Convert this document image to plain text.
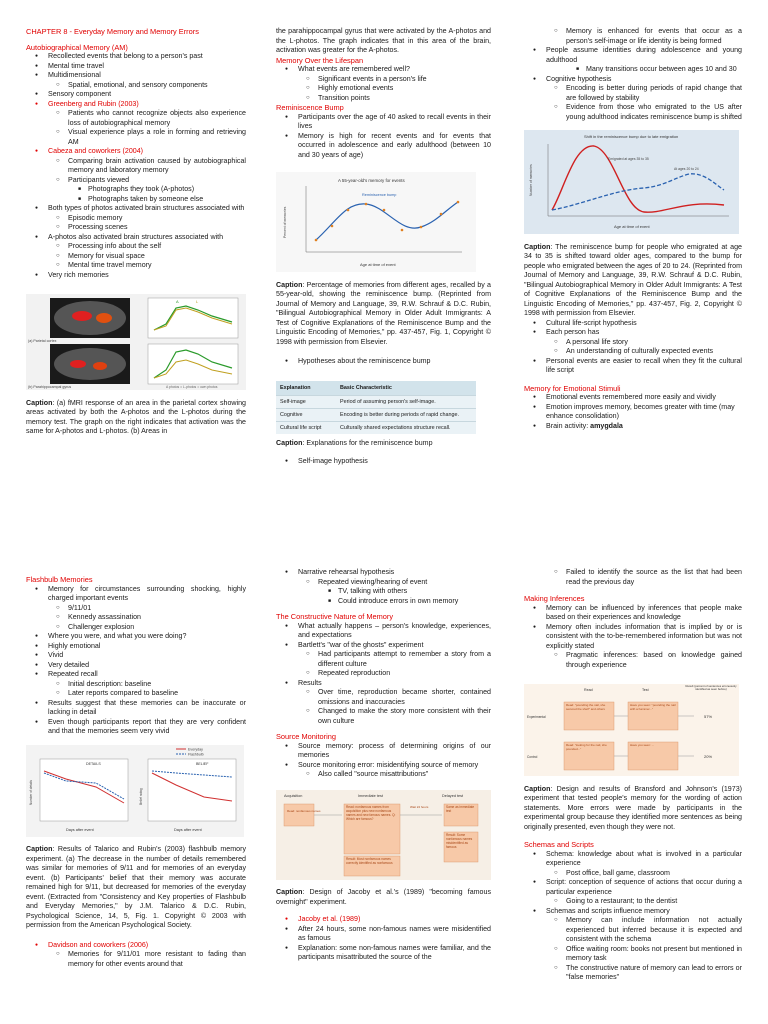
CHAPTER 8 - Everyday Memory and Memory Errors
Autobiographical Memory (AM)
● Recollected events that belong to a person's past
● Mental time travel
● Multidimensional
○ Spatial, emotional, and sensory components
● Sensory component
● Greenberg and Rubin (2003)
○ Patients who cannot recognize objects also experience loss of autobiographical memory
○ Visual experience plays a role in forming and retrieving AM
● Cabeza and coworkers (2004)
○ Comparing brain activation caused by autobiographical memory and laboratory memory
○ Participants viewed
■ Photographs they took (A-photos)
■ Photographs taken by someone else
● Both types of photos activated brain structures associated with
○ Episodic memory
○ Processing scenes
● A-photos also activated brain structures associated with
○ Processing info about the self
○ Memory for visual space
○ Mental time travel memory
● Very rich memories
(a) Parietal cortex
(b) Parahippocampal gyrus
A	L
A photos = L-photos = own photos

Caption: (a) fMRI response of an area in the parietal cortex showing areas activated by both the A-photos and the L-photos during the memory test. The graph on the right indicates that activation was the same for A-photos and L-photos. (b) Areas in

the parahippocampal gyrus that were activated by the A-photos and the L-photos. The graph indicates that in this area of the brain, activation was greater for the A-photos.

Memory Over the Lifespan
● What events are remembered well?
○ Significant events in a person's life
○ Highly emotional events
○ Transition points
Reminiscence Bump
● Participants over the age of 40 asked to recall events in their lives
● Memory is high for recent events and for events that occurred in adolescence and early adulthood (between 10 and 30 years of age)
A 55-year-old's memory for events
Reminiscence bump
Percent of memories
Age at time of event

Caption: Percentage of memories from different ages, recalled by a 55-year-old, showing the reminiscence bump. (Reprinted from Journal of Memory and Language, 39, R.W. Schrauf & D.C. Rubin, "Bilingual Autobiographical Memory in Older Adult Immigrants: A Test of Cognitive Explanations of the Reminiscence Bump and the Linguistic Encoding of Memories," pp. 437-457, Fig. 1, Copyright © 1998 with permission from Elsevier.

● Hypotheses about the reminiscence bump
Explanation	Basic Characteristic
Self-image	Period of assuming person's self-image.
Cognitive	Encoding is better during periods of rapid change.
Cultural life script	Culturally shared expectations structure recall.

Caption: Explanations for the reminiscence bump

● Self-image hypothesis
○ Memory is enhanced for events that occur as a person's self-image or life identity is being formed
● People assume identities during adolescence and young adulthood
■ Many transitions occur between ages 10 and 30
● Cognitive hypothesis
○ Encoding is better during periods of rapid change that are followed by stability
○ Evidence from those who emigrated to the US after young adulthood indicates reminiscence bump is shifted
Shift in the reminiscence bump due to late emigration
Emigrated at ages 35 to 35
At ages 20 to 24
Number of memories
Age at time of event

Caption: The reminiscence bump for people who emigrated at age 34 to 35 is shifted toward older ages, compared to the bump for people who emigrated between the ages of 20 to 24. (Reprinted from Journal of Memory and Language, 39, R.W. Schrauf & D.C. Rubin, "Bilingual Autobiographical Memory in Older Adult Immigrants: A Test of Cognitive Explanations of the Reminiscence Bump and the Linguistic Encoding of Memories," pp. 437-457, Fig. 2, Copyright © 1998 with permission from Elsevier.

● Cultural life-script hypothesis
● Each person has
○ A personal life story
○ An understanding of culturally expected events
● Personal events are easier to recall when they fit the cultural life script
Memory for Emotional Stimuli
● Emotional events remembered more easily and vividly
● Emotion improves memory, becomes greater with time (may enhance consolidation)
● Brain activity: amygdala
Flashbulb Memories
● Memory for circumstances surrounding shocking, highly charged important events
○ 9/11/01
○ Kennedy assassination
○ Challenger explosion
● Where you were, and what you were doing?
● Highly emotional
● Vivid
● Very detailed
● Repeated recall
○ Initial description: baseline
○ Later reports compared to baseline
● Results suggest that these memories can be inaccurate or lacking in detail
● Even though participants report that they are very confident and that the memories seem very vivid
Everyday
Flashbulb
DETAILS	BELIEF
Number of details	Belief rating
Days after event	Days after event

Caption: Results of Talarico and Rubin's (2003) flashbulb memory experiment. (a) The decrease in the number of details remembered was similar for memories of 9/11 and for memories of an everyday event. (b) Participants' belief that their memory was accurate remained high for 9/11, but decreased for memories of the everyday event. (Extracted from "Consistency and Key properties of Flashbulb and Everyday Memories," by J.M. Talarico & D.C. Rubin, Psychological Science, 14, 5, Fig. 1. Copyright © 2003 with permission from the American Psychological Society.

● Davidson and coworkers (2006)
○ Memories for 9/11/01 more resistant to fading than memory for other events around that
● Narrative rehearsal hypothesis
○ Repeated viewing/hearing of event
■ TV, talking with others
■ Could introduce errors in own memory
The Constructive Nature of Memory
● What actually happens – person's knowledge, experiences, and expectations
● Bartlett's "war of the ghosts" experiment
○ Had participants attempt to remember a story from a different culture
○ Repeated reproduction
● Results
○ Over time, reproduction became shorter, contained omissions and inaccuracies
○ Changed to make the story more consistent with their own culture
Source Monitoring
● Source memory: process of determining origins of our memories
● Source monitoring error: misidentifying source of memory
○ Also called "source misattributions"
Acquisition	Immediate test	Delayed test
Read: nonfamous names
Read: nonfamous names from acquisition plus new nonfamous names and new famous names. Q: Which are famous?
Wait 24 hours	Same as immediate test
Result: Most nonfamous names correctly identified as nonfamous
Result: Some nonfamous names misidentified as famous

Caption: Design of Jacoby et al.'s (1989) "becoming famous overnight" experiment.

● Jacoby et al. (1989)
● After 24 hours, some non-famous names were misidentified as famous
● Explanation: some non-famous names were familiar, and the participants misattributed the source of the
○ Failed to identify the source as the list that had been read the previous day
Making Inferences
● Memory can be influenced by inferences that people make based on their experiences and knowledge
● Memory often includes information that is implied by or is consistent with the to-be-remembered information but was not explicitly stated
○ Pragmatic inferences: based on knowledge gained through experience
Read	Test
Result (percent of sentences erroneously identified as seen before)
Experimental
Control
Read: "pounding the nail, she secured the shelf" and others
Have you seen: "pounding the nail with a hammer..."
Read: "looking for the nail, she pounded..."
Have you seen: ...
57%
20%

Caption: Design and results of Bransford and Johnson's (1973) experiment that tested people's memory for the wording of action statements. More errors were made by participants in the experimental group because they identified more sentences as being originally presented, even though they were not.

Schemas and Scripts
● Schema: knowledge about what is involved in a particular experience
○ Post office, ball game, classroom
● Script: conception of sequence of actions that occur during a particular experience
○ Going to a restaurant; to the dentist
● Schemas and scripts influence memory
○ Memory can include information not actually experienced but inferred because it is expected and consistent with the schema
○ Office waiting room: books not present but mentioned in memory task
○ The constructive nature of memory can lead to errors or "false memories"
